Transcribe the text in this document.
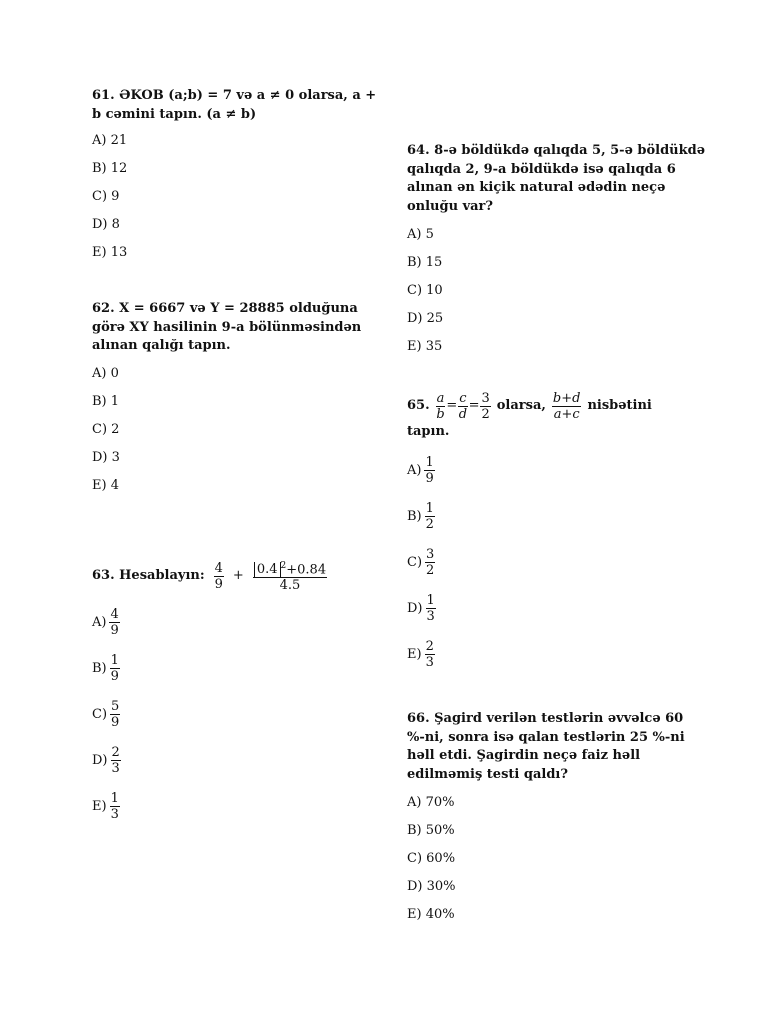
61. ƏKOB (a;b) = 7 və a ≠ 0 olarsa, a +
b cəmini tapın. (a ≠ b)
A) 21
B) 12
C) 9
D) 8
E) 13
62. X = 6667 və Y = 28885 olduğuna
görə XY hasilinin 9-a bölünməsindən
alınan qalığı tapın.
A) 0
B) 1
C) 2
D) 3
E) 4
63. Hesablayın: $\frac{4}{9} + \frac{0.4 ^2+0.84}{4.5}$
$A) \frac{4}{9}$
$B) \frac{1}{9}$
$C) \frac{5}{9}$
$D) \frac{2}{3}$
$E) \frac{1}{3}$
64. 8-ə böldükdə qalıqda 5, 5-ə böldükdə
qalıqda 2, 9-a böldükdə isə qalıqda 6
alınan ən kiçik natural ədədin neçə
onluğu var?
A) 5
B) 15
C) 10
D) 25
E) 35
65. $\frac{a}{b} = \frac{c}{d} = \frac{3}{2}$ olarsa, $\frac{b+d}{a+c}$ nisbətini
tapın.
$A) \frac{1}{9}$
$B) \frac{1}{2}$
$C) \frac{3}{2}$
$D) \frac{1}{3}$
$E) \frac{2}{3}$
66. Şagird verilən testlərin əvvəlcə 60
%-ni, sonra isə qalan testlərin 25 %-ni
həll etdi. Şagirdin neçə faiz həll
edilməmiş testi qaldı?
A) 70%
B) 50%
C) 60%
D) 30%
E) 40%
